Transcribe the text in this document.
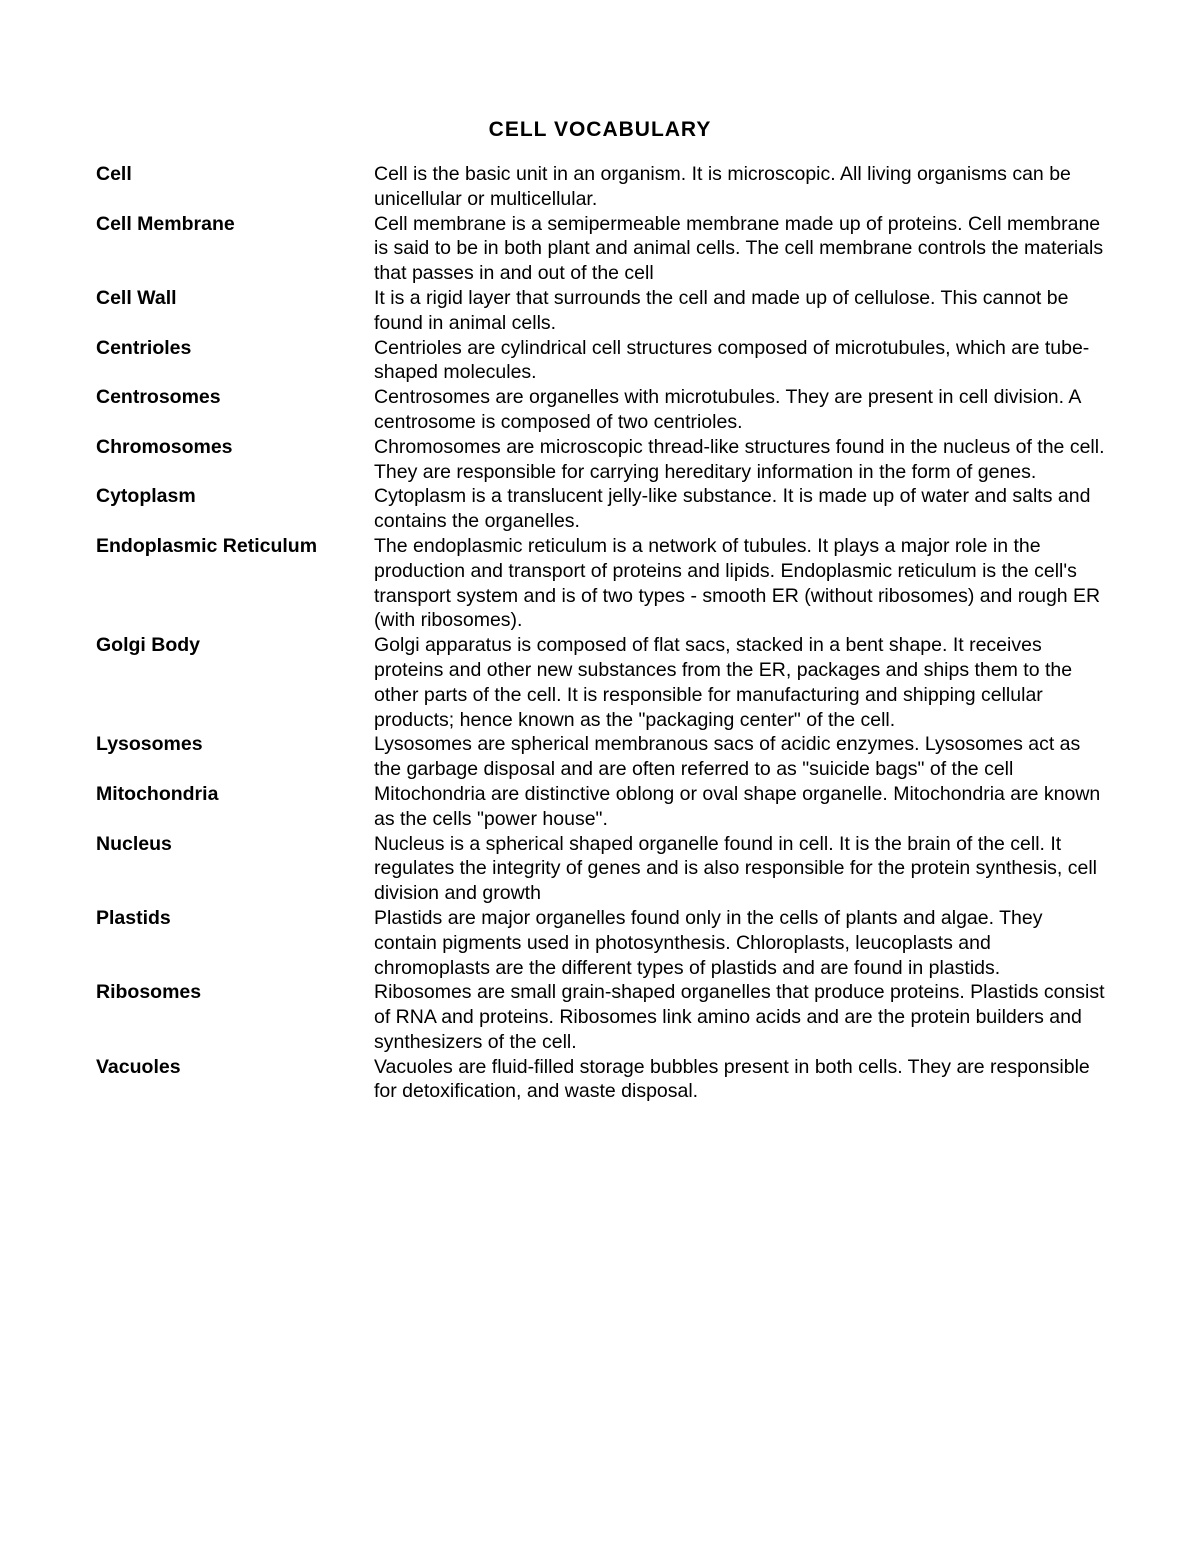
CELL VOCABULARY
Cell	Cell is the basic unit in an organism. It is microscopic. All living organisms can be unicellular or multicellular.
Cell Membrane	Cell membrane is a semipermeable membrane made up of proteins. Cell membrane is said to be in both plant and animal cells. The cell membrane controls the materials that passes in and out of the cell
Cell Wall	It is a rigid layer that surrounds the cell and made up of cellulose. This cannot be found in animal cells.
Centrioles	Centrioles are cylindrical cell structures composed of microtubules, which are tube-shaped molecules.
Centrosomes	Centrosomes are organelles with microtubules. They are present in cell division. A centrosome is composed of two centrioles.
Chromosomes	Chromosomes are microscopic thread-like structures found in the nucleus of the cell. They are responsible for carrying hereditary information in the form of genes.
Cytoplasm	Cytoplasm is a translucent jelly-like substance. It is made up of water and salts and contains the organelles.
Endoplasmic Reticulum	The endoplasmic reticulum is a network of tubules. It plays a major role in the production and transport of proteins and lipids. Endoplasmic reticulum is the cell's transport system and is of two types - smooth ER (without ribosomes) and rough ER (with ribosomes).
Golgi Body	Golgi apparatus is composed of flat sacs, stacked in a bent shape. It receives proteins and other new substances from the ER, packages and ships them to the other parts of the cell. It is responsible for manufacturing and shipping cellular products; hence known as the "packaging center" of the cell.
Lysosomes	Lysosomes are spherical membranous sacs of acidic enzymes. Lysosomes act as the garbage disposal and are often referred to as "suicide bags" of the cell
Mitochondria	Mitochondria are distinctive oblong or oval shape organelle. Mitochondria are known as the cells "power house".
Nucleus	Nucleus is a spherical shaped organelle found in cell. It is the brain of the cell. It regulates the integrity of genes and is also responsible for the protein synthesis, cell division and growth
Plastids	Plastids are major organelles found only in the cells of plants and algae. They contain pigments used in photosynthesis. Chloroplasts, leucoplasts and chromoplasts are the different types of plastids and are found in plastids.
Ribosomes	Ribosomes are small grain-shaped organelles that produce proteins. Plastids consist of RNA and proteins. Ribosomes link amino acids and are the protein builders and synthesizers of the cell.
Vacuoles	Vacuoles are fluid-filled storage bubbles present in both cells. They are responsible for detoxification, and waste disposal.
